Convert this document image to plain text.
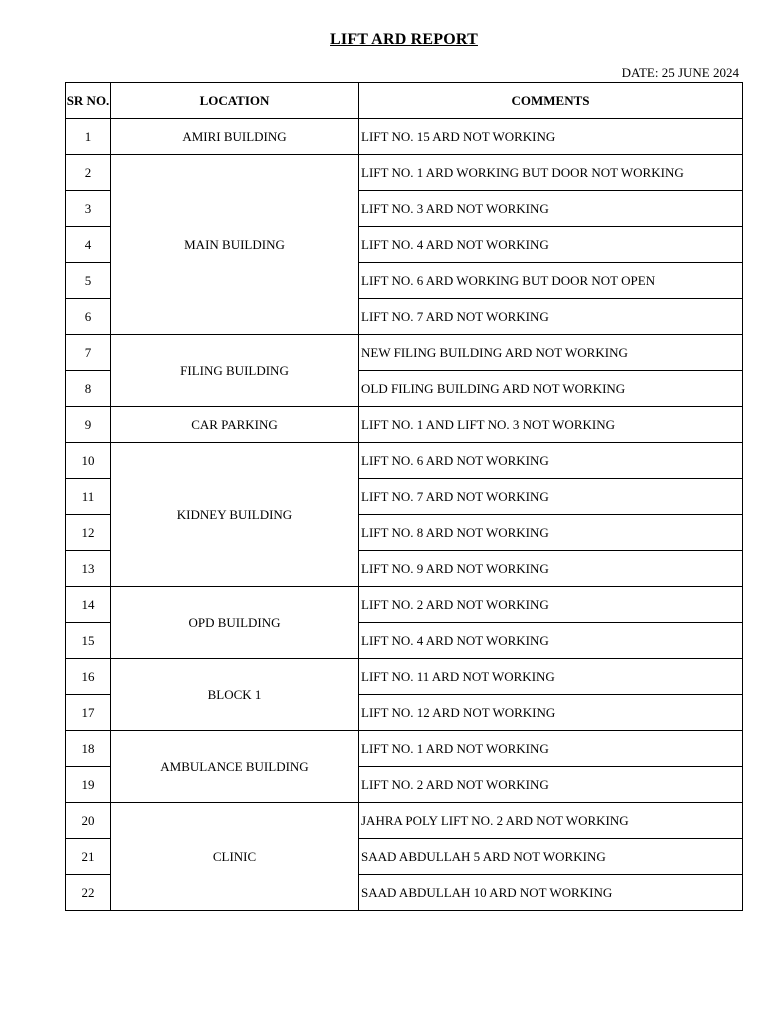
LIFT ARD REPORT
DATE: 25 JUNE 2024
SR NO.	LOCATION	COMMENTS
1	AMIRI BUILDING	LIFT NO. 15 ARD NOT WORKING
2	MAIN BUILDING	LIFT NO. 1 ARD WORKING BUT DOOR NOT WORKING
3		LIFT NO. 3 ARD NOT WORKING
4		LIFT NO. 4 ARD NOT WORKING
5		LIFT NO. 6 ARD WORKING BUT DOOR NOT OPEN
6		LIFT NO. 7 ARD NOT WORKING
7	FILING BUILDING	NEW FILING BUILDING ARD NOT WORKING
8		OLD FILING BUILDING ARD NOT WORKING
9	CAR PARKING	LIFT NO. 1 AND LIFT NO. 3 NOT WORKING
10	KIDNEY BUILDING	LIFT NO. 6 ARD NOT WORKING
11		LIFT NO. 7 ARD NOT WORKING
12		LIFT NO. 8 ARD NOT WORKING
13		LIFT NO. 9 ARD NOT WORKING
14	OPD BUILDING	LIFT NO. 2 ARD NOT WORKING
15		LIFT NO. 4 ARD NOT WORKING
16	BLOCK 1	LIFT NO. 11 ARD NOT WORKING
17		LIFT NO. 12 ARD NOT WORKING
18	AMBULANCE BUILDING	LIFT NO. 1 ARD NOT WORKING
19		LIFT NO. 2 ARD NOT WORKING
20	CLINIC	JAHRA POLY LIFT NO. 2 ARD NOT WORKING
21		SAAD ABDULLAH 5 ARD NOT WORKING
22		SAAD ABDULLAH 10 ARD NOT WORKING
